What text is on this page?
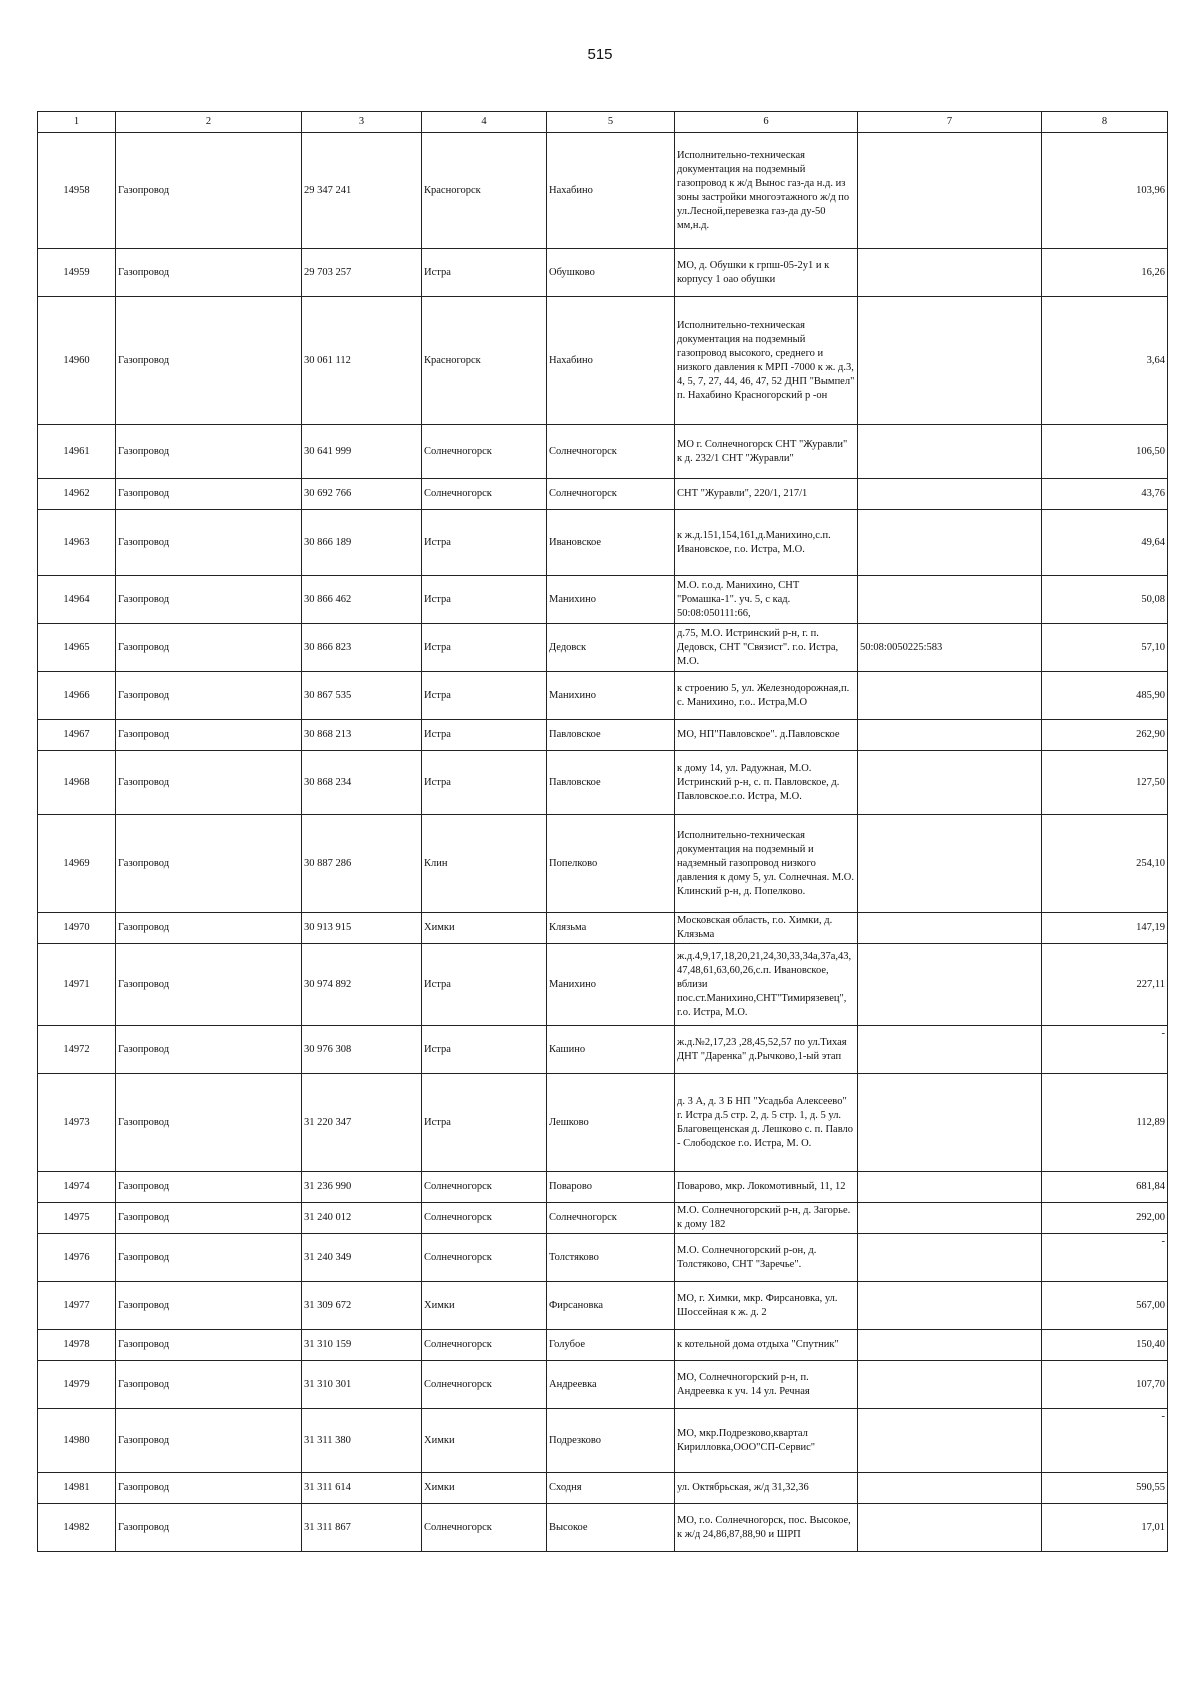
515
1	2	3	4	5	6	7	8
14958	Газопровод	29 347 241	Красногорск	Нахабино	Исполнительно-техническая документация на подземный газопровод к ж/д Вынос газ-да н.д. из зоны застройки многоэтажного ж/д по ул.Лесной,перевезка газ-да ду-50 мм,н.д.		103,96
14959	Газопровод	29 703 257	Истра	Обушково	МО, д. Обушки к грпш-05-2у1 и к корпусу 1 оао обушки		16,26
14960	Газопровод	30 061 112	Красногорск	Нахабино	Исполнительно-техническая документация на подземный газопровод высокого, среднего и низкого давления к МРП -7000 к ж. д.3, 4, 5, 7, 27, 44, 46, 47, 52 ДНП "Вымпел" п. Нахабино Красногорский р -он		3,64
14961	Газопровод	30 641 999	Солнечногорск	Солнечногорск	МО г. Солнечногорск СНТ "Журавли" к д. 232/1 СНТ "Журавли"		106,50
14962	Газопровод	30 692 766	Солнечногорск	Солнечногорск	СНТ "Журавли", 220/1, 217/1		43,76
14963	Газопровод	30 866 189	Истра	Ивановское	к ж.д.151,154,161,д.Манихино,с.п. Ивановское, г.о. Истра, М.О.		49,64
14964	Газопровод	30 866 462	Истра	Манихино	М.О. г.о.д. Манихино, СНТ "Ромашка-1". уч. 5, с кад. 50:08:050111:66,		50,08
14965	Газопровод	30 866 823	Истра	Дедовск	д.75, М.О. Истринский р-н, г. п. Дедовск, СНТ "Связист". г.о. Истра, М.О.	50:08:0050225:583	57,10
14966	Газопровод	30 867 535	Истра	Манихино	к строению 5, ул. Железнодорожная,п. с. Манихино, г.о.. Истра,М.О		485,90
14967	Газопровод	30 868 213	Истра	Павловское	МО, НП"Павловское". д.Павловское		262,90
14968	Газопровод	30 868 234	Истра	Павловское	к дому 14, ул. Радужная, М.О. Истринский р-н, с. п. Павловское, д. Павловское.г.о. Истра, М.О.		127,50
14969	Газопровод	30 887 286	Клин	Попелково	Исполнительно-техническая документация на подземный и надземный газопровод низкого давления к дому 5, ул. Солнечная. М.О. Клинский р-н, д. Попелково.		254,10
14970	Газопровод	30 913 915	Химки	Клязьма	Московская область, г.о. Химки, д. Клязьма		147,19
14971	Газопровод	30 974 892	Истра	Манихино	ж.д.4,9,17,18,20,21,24,30,33,34а,37а,43,47,48,61,63,60,26,с.п. Ивановское, вблизи пос.ст.Манихино,СНТ"Тимирязевец", г.о. Истра, М.О.		227,11
14972	Газопровод	30 976 308	Истра	Кашино	ж.д.№2,17,23 ,28,45,52,57 по ул.Тихая ДНТ "Даренка" д.Рычково,1-ый этап		-
14973	Газопровод	31 220 347	Истра	Лешково	д. 3 А, д. 3 Б НП "Усадьба Алексеево" г. Истра д.5 стр. 2, д. 5 стр. 1, д. 5 ул. Благовещенская д. Лешково с. п. Павло - Слободское г.о. Истра, М. О.		112,89
14974	Газопровод	31 236 990	Солнечногорск	Поварово	Поварово, мкр. Локомотивный, 11, 12		681,84
14975	Газопровод	31 240 012	Солнечногорск	Солнечногорск	М.О. Солнечногорский р-н, д. Загорье. к дому 182		292,00
14976	Газопровод	31 240 349	Солнечногорск	Толстяково	М.О. Солнечногорский р-он, д. Толстяково, СНТ "Заречье".		-
14977	Газопровод	31 309 672	Химки	Фирсановка	МО, г. Химки, мкр. Фирсановка, ул. Шоссейная к ж. д. 2		567,00
14978	Газопровод	31 310 159	Солнечногорск	Голубое	к котельной дома отдыха "Спутник"		150,40
14979	Газопровод	31 310 301	Солнечногорск	Андреевка	МО, Солнечногорский р-н, п. Андреевка к уч. 14 ул. Речная		107,70
14980	Газопровод	31 311 380	Химки	Подрезково	МО, мкр.Подрезково,квартал Кирилловка,ООО"СП-Сервис"		-
14981	Газопровод	31 311 614	Химки	Сходня	ул. Октябрьская, ж/д 31,32,36		590,55
14982	Газопровод	31 311 867	Солнечногорск	Высокое	МО, г.о. Солнечногорск, пос. Высокое, к ж/д 24,86,87,88,90 и ШРП		17,01
